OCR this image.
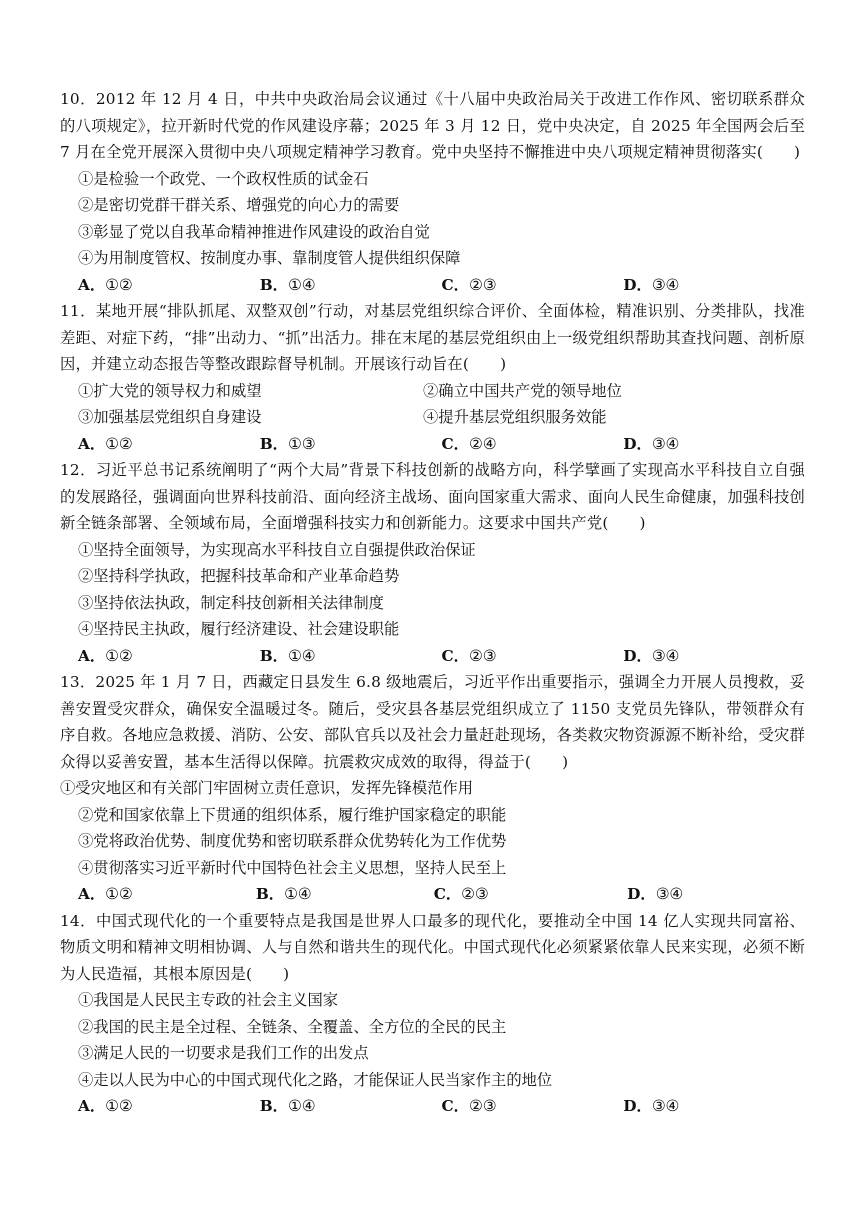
10．2012 年 12 月 4 日，中共中央政治局会议通过《十八届中央政治局关于改进工作作风、密切联系群众的八项规定》，拉开新时代党的作风建设序幕；2025 年 3 月 12 日，党中央决定，自 2025 年全国两会后至 7 月在全党开展深入贯彻中央八项规定精神学习教育。党中央坚持不懈推进中央八项规定精神贯彻落实(　　)

①是检验一个政党、一个政权性质的试金石

②是密切党群干群关系、增强党的向心力的需要

③彰显了党以自我革命精神推进作风建设的政治自觉

④为用制度管权、按制度办事、靠制度管人提供组织保障

A．①②	B．①④	C．②③	D．③④

11．某地开展“排队抓尾、双整双创”行动，对基层党组织综合评价、全面体检，精准识别、分类排队，找准差距、对症下药，“排”出动力、“抓”出活力。排在末尾的基层党组织由上一级党组织帮助其查找问题、剖析原因，并建立动态报告等整改跟踪督导机制。开展该行动旨在(　　)

①扩大党的领导权力和威望	②确立中国共产党的领导地位
③加强基层党组织自身建设	④提升基层党组织服务效能
A．①②	B．①③	C．②④	D．③④

12．习近平总书记系统阐明了“两个大局”背景下科技创新的战略方向，科学擘画了实现高水平科技自立自强的发展路径，强调面向世界科技前沿、面向经济主战场、面向国家重大需求、面向人民生命健康，加强科技创新全链条部署、全领域布局，全面增强科技实力和创新能力。这要求中国共产党(　　)

①坚持全面领导，为实现高水平科技自立自强提供政治保证

②坚持科学执政，把握科技革命和产业革命趋势

③坚持依法执政，制定科技创新相关法律制度

④坚持民主执政，履行经济建设、社会建设职能

A．①②	B．①④	C．②③	D．③④

13．2025 年 1 月 7 日，西藏定日县发生 6.8 级地震后，习近平作出重要指示，强调全力开展人员搜救，妥善安置受灾群众，确保安全温暖过冬。随后，受灾县各基层党组织成立了 1150 支党员先锋队，带领群众有序自救。各地应急救援、消防、公安、部队官兵以及社会力量赶赴现场，各类救灾物资源源不断补给，受灾群众得以妥善安置，基本生活得以保障。抗震救灾成效的取得，得益于(　　)

①受灾地区和有关部门牢固树立责任意识，发挥先锋模范作用

②党和国家依靠上下贯通的组织体系，履行维护国家稳定的职能

③党将政治优势、制度优势和密切联系群众优势转化为工作优势

④贯彻落实习近平新时代中国特色社会主义思想，坚持人民至上

A．①②	B．①④	C．②③	D．③④

14．中国式现代化的一个重要特点是我国是世界人口最多的现代化，要推动全中国 14 亿人实现共同富裕、物质文明和精神文明相协调、人与自然和谐共生的现代化。中国式现代化必须紧紧依靠人民来实现，必须不断为人民造福，其根本原因是(　　)

①我国是人民民主专政的社会主义国家

②我国的民主是全过程、全链条、全覆盖、全方位的全民的民主

③满足人民的一切要求是我们工作的出发点

④走以人民为中心的中国式现代化之路，才能保证人民当家作主的地位

A．①②	B．①④	C．②③	D．③④
